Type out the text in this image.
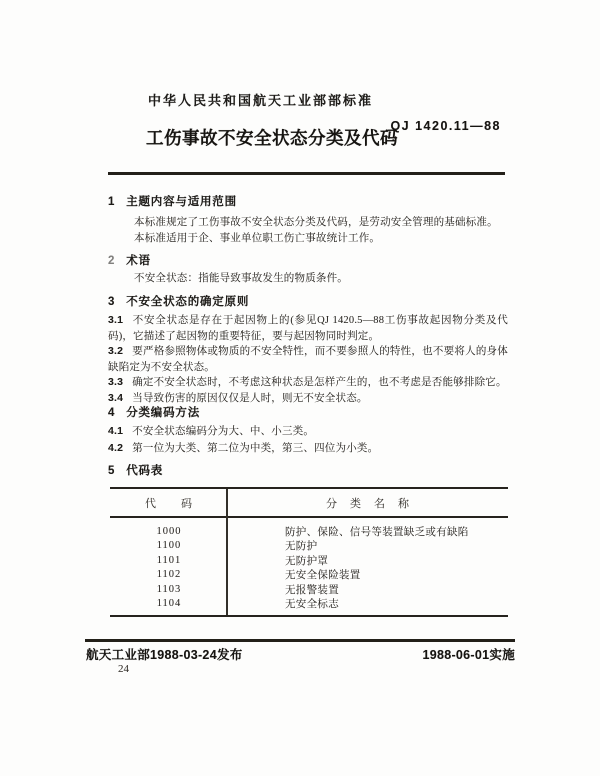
中华人民共和国航天工业部部标准
QJ 1420.11—88
工伤事故不安全状态分类及代码
1 主题内容与适用范围

本标准规定了工伤事故不安全状态分类及代码，是劳动安全管理的基础标准。

本标准适用于企、事业单位职工伤亡事故统计工作。

2 术语

不安全状态：指能导致事故发生的物质条件。

3 不安全状态的确定原则

3.1 不安全状态是存在于起因物上的(参见QJ 1420.5—88工伤事故起因物分类及代码)，它描述了起因物的重要特征，要与起因物同时判定。

3.2 要严格参照物体或物质的不安全特性，而不要参照人的特性，也不要将人的身体缺陷定为不安全状态。

3.3 确定不安全状态时，不考虑这种状态是怎样产生的，也不考虑是否能够排除它。

3.4 当导致伤害的原因仅仅是人时，则无不安全状态。

4 分类编码方法

4.1 不安全状态编码分为大、中、小三类。

4.2 第一位为大类、第二位为中类，第三、四位为小类。

5 代码表
代　　码	分　类　名　称
1000	防护、保险、信号等装置缺乏或有缺陷
1100	无防护
1101	无防护罩
1102	无安全保险装置
1103	无报警装置
1104	无安全标志
航天工业部1988-03-24发布	1988-06-01实施
24
